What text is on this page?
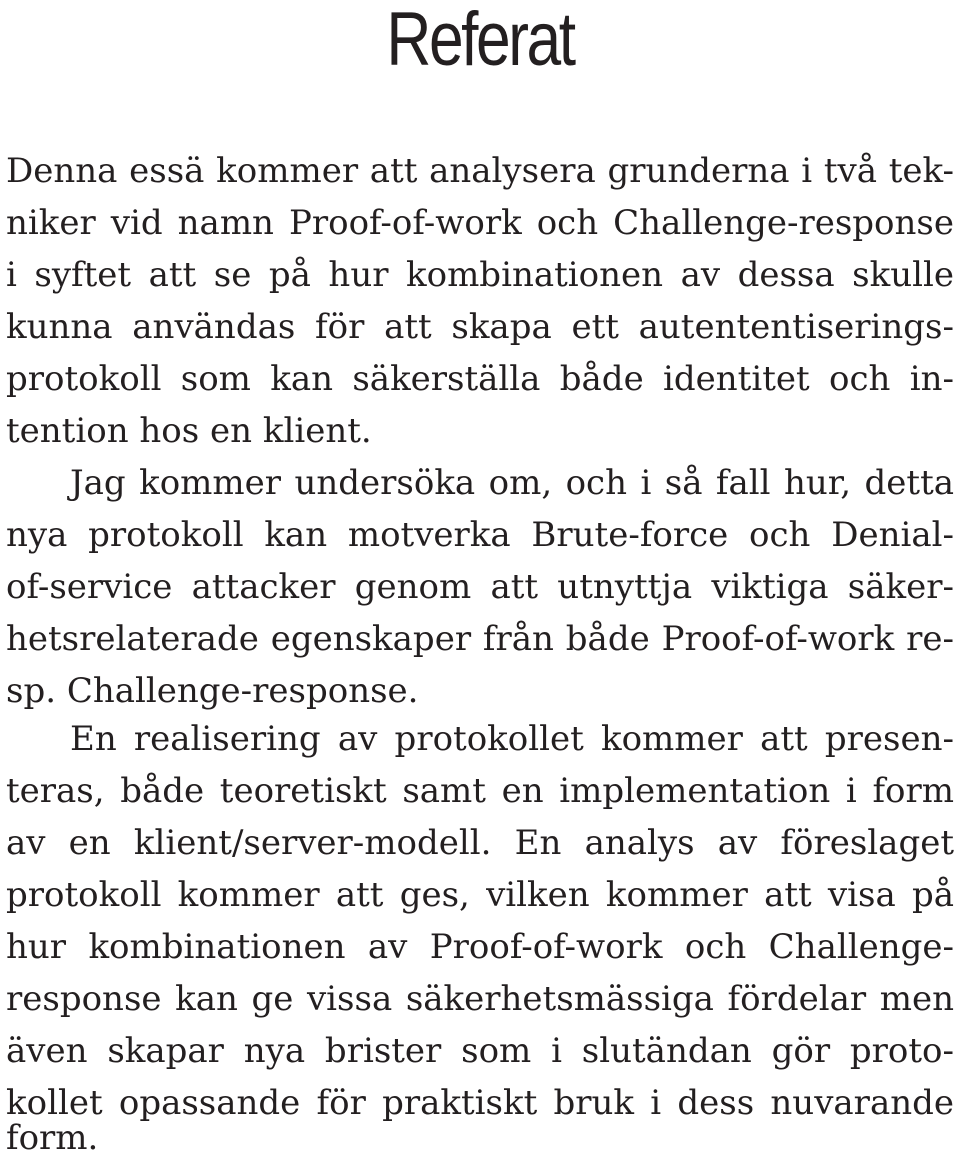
Referat
Denna essä kommer att analysera grunderna i två tek-
niker vid namn Proof-of-work och Challenge-response
i syftet att se på hur kombinationen av dessa skulle
kunna användas för att skapa ett autententiserings-
protokoll som kan säkerställa både identitet och in-
tention hos en klient.
Jag kommer undersöka om, och i så fall hur, detta
nya protokoll kan motverka Brute-force och Denial-
of-service attacker genom att utnyttja viktiga säker-
hetsrelaterade egenskaper från både Proof-of-work re-
sp. Challenge-response.
En realisering av protokollet kommer att presen-
teras, både teoretiskt samt en implementation i form
av en klient/server-modell. En analys av föreslaget
protokoll kommer att ges, vilken kommer att visa på
hur kombinationen av Proof-of-work och Challenge-
response kan ge vissa säkerhetsmässiga fördelar men
även skapar nya brister som i slutändan gör proto-
kollet opassande för praktiskt bruk i dess nuvarande
form.
